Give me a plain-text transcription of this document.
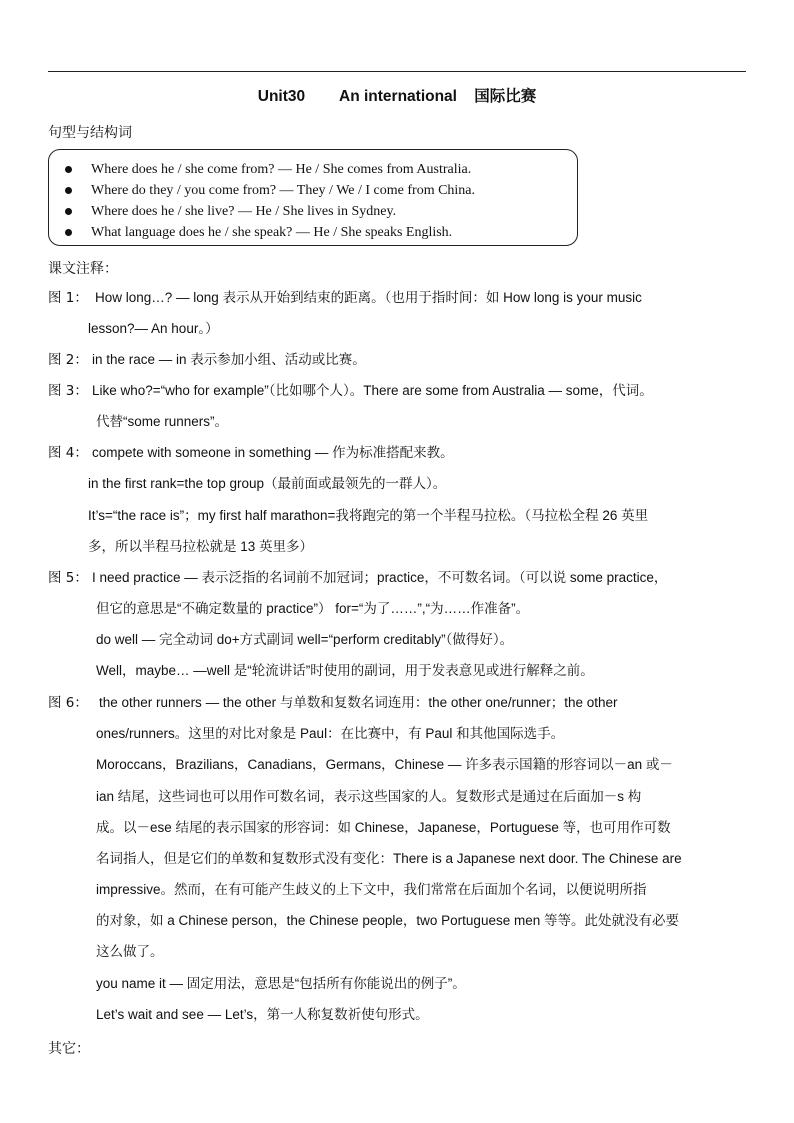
Unit30        An international    国际比赛
句型与结构词
Where does he / she come from? — He / She comes from Australia.
Where do they / you come from? — They / We / I come from China.
Where does he / she live? — He / She lives in Sydney.
What language does he / she speak? — He / She speaks English.
课文注释：
图 1： How long…? — long 表示从开始到结束的距离。（也用于指时间：如 How long is your music
lesson?— An hour。）
图 2： in the race — in 表示参加小组、活动或比赛。
图 3： Like who?=“who for example”（比如哪个人）。There are some from Australia — some，代词。
代替“some runners”。
图 4： compete with someone in something — 作为标准搭配来教。
in the first rank=the top group（最前面或最领先的一群人）。
It’s=“the race is”；my first half marathon=我将跑完的第一个半程马拉松。（马拉松全程 26 英里
多，所以半程马拉松就是 13 英里多）
图 5： I need practice — 表示泛指的名词前不加冠词；practice，不可数名词。（可以说 some practice，
但它的意思是“不确定数量的 practice”） for=“为了……”,“为……作准备”。
do well — 完全动词 do+方式副词 well=“perform creditably”（做得好）。
Well，maybe… —well 是“轮流讲话”时使用的副词，用于发表意见或进行解释之前。
图 6： the other runners — the other 与单数和复数名词连用：the other one/runner；the other
ones/runners。这里的对比对象是 Paul：在比赛中，有 Paul 和其他国际选手。
Moroccans，Brazilians，Canadians，Germans，Chinese — 许多表示国籍的形容词以－an 或－
ian 结尾，这些词也可以用作可数名词，表示这些国家的人。复数形式是通过在后面加－s 构
成。以－ese 结尾的表示国家的形容词：如 Chinese，Japanese，Portuguese 等，也可用作可数
名词指人，但是它们的单数和复数形式没有变化：There is a Japanese next door. The Chinese are
impressive。然而，在有可能产生歧义的上下文中，我们常常在后面加个名词，以便说明所指
的对象，如 a Chinese person，the Chinese people，two Portuguese men 等等。此处就没有必要
这么做了。
you name it — 固定用法，意思是“包括所有你能说出的例子”。
Let’s wait and see — Let’s，第一人称复数祈使句形式。
其它：
